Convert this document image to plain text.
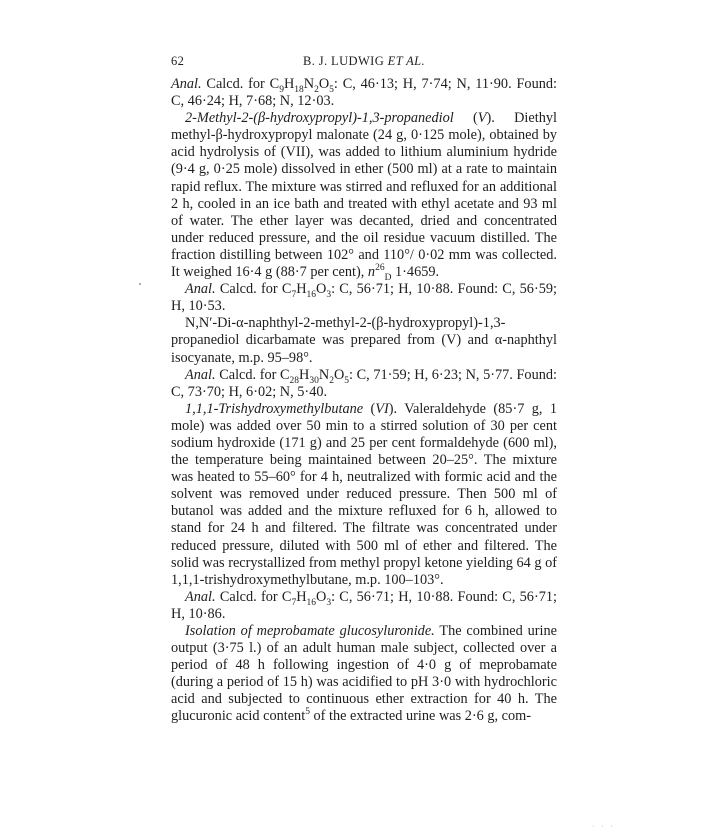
62	B. J. LUDWIG ET AL.

Anal. Calcd. for $C_9H_{18}N_2O_5$: C, 46·13; H, 7·74; N, 11·90. Found: C, 46·24; H, 7·68; N, 12·03.

2-Methyl-2-(β-hydroxypropyl)-1,3-propanediol (V). Diethyl methyl-β-hydroxypropyl malonate (24 g, 0·125 mole), obtained by acid hydrolysis of (VII), was added to lithium aluminium hydride (9·4 g, 0·25 mole) dissolved in ether (500 ml) at a rate to maintain rapid reflux. The mixture was stirred and refluxed for an additional 2 h, cooled in an ice bath and treated with ethyl acetate and 93 ml of water. The ether layer was decanted, dried and concentrated under reduced pressure, and the oil residue vacuum distilled. The fraction distilling between 102° and 110°/ 0·02 mm was collected. It weighed 16·4 g (88·7 per cent), $n^{26}_D$ 1·4659.

Anal. Calcd. for $C_7H_{16}O_3$: C, 56·71; H, 10·88. Found: C, 56·59; H, 10·53.

N,N′-Di-α-naphthyl-2-methyl-2-(β-hydroxypropyl)-1,3-propanediol dicarbamate was prepared from (V) and α-naphthyl isocyanate, m.p. 95–98°.

Anal. Calcd. for $C_{28}H_{30}N_2O_5$: C, 71·59; H, 6·23; N, 5·77. Found: C, 73·70; H, 6·02; N, 5·40.

1,1,1-Trishydroxymethylbutane (VI). Valeraldehyde (85·7 g, 1 mole) was added over 50 min to a stirred solution of 30 per cent sodium hydroxide (171 g) and 25 per cent formaldehyde (600 ml), the temperature being maintained between 20–25°. The mixture was heated to 55–60° for 4 h, neutralized with formic acid and the solvent was removed under reduced pressure. Then 500 ml of butanol was added and the mixture refluxed for 6 h, allowed to stand for 24 h and filtered. The filtrate was concentrated under reduced pressure, diluted with 500 ml of ether and filtered. The solid was recrystallized from methyl propyl ketone yielding 64 g of 1,1,1-trishydroxymethylbutane, m.p. 100–103°.

Anal. Calcd. for $C_7H_{16}O_3$: C, 56·71; H, 10·88. Found: C, 56·71; H, 10·86.

Isolation of meprobamate glucosyluronide. The combined urine output (3·75 l.) of an adult human male subject, collected over a period of 48 h following ingestion of 4·0 g of meprobamate (during a period of 15 h) was acidified to pH 3·0 with hydrochloric acid and subjected to continuous ether extraction for 40 h. The glucuronic acid content$^5$ of the extracted urine was 2·6 g, com-

· · ·
